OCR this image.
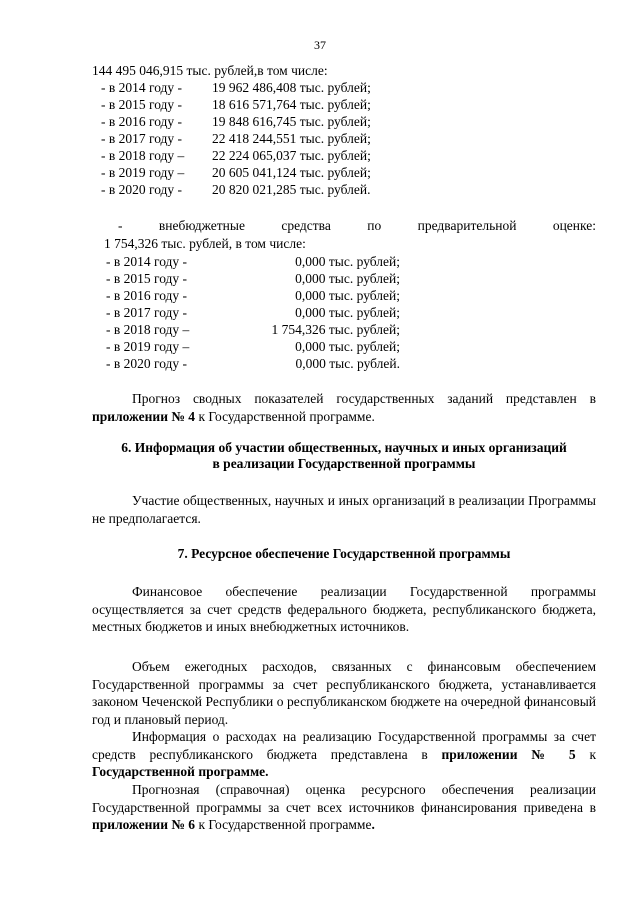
37
144 495 046,915 тыс. рублей,в том числе:
- в 2014 году - 19 962 486,408 тыс. рублей;
- в 2015 году - 18 616 571,764 тыс. рублей;
- в 2016 году - 19 848 616,745 тыс. рублей;
- в 2017 году - 22 418 244,551 тыс. рублей;
- в 2018 году – 22 224 065,037 тыс. рублей;
- в 2019 году – 20 605 041,124 тыс. рублей;
- в 2020 году - 20 820 021,285 тыс. рублей.
- внебюджетные средства по предварительной оценке:
1 754,326 тыс. рублей, в том числе:
- в 2014 году -	0,000 тыс. рублей;
- в 2015 году -	0,000 тыс. рублей;
- в 2016 году -	0,000 тыс. рублей;
- в 2017 году -	0,000 тыс. рублей;
- в 2018 году –	1 754,326 тыс. рублей;
- в 2019 году –	0,000 тыс. рублей;
- в 2020 году -	0,000 тыс. рублей.
Прогноз сводных показателей государственных заданий представлен в приложении № 4 к Государственной программе.
6. Информация об участии общественных, научных и иных организаций
в реализации Государственной программы
Участие общественных, научных и иных организаций в реализации Программы не предполагается.
7. Ресурсное обеспечение Государственной программы
Финансовое обеспечение реализации Государственной программы осуществляется за счет средств федерального бюджета, республиканского бюджета, местных бюджетов и иных внебюджетных источников.
Объем ежегодных расходов, связанных с финансовым обеспечением Государственной программы за счет республиканского бюджета, устанавливается законом Чеченской Республики о республиканском бюджете на очередной финансовый год и плановый период.
Информация о расходах на реализацию Государственной программы за счет средств республиканского бюджета представлена в приложении № 5 к Государственной программе.
Прогнозная (справочная) оценка ресурсного обеспечения реализации Государственной программы за счет всех источников финансирования приведена в приложении № 6 к Государственной программе.
